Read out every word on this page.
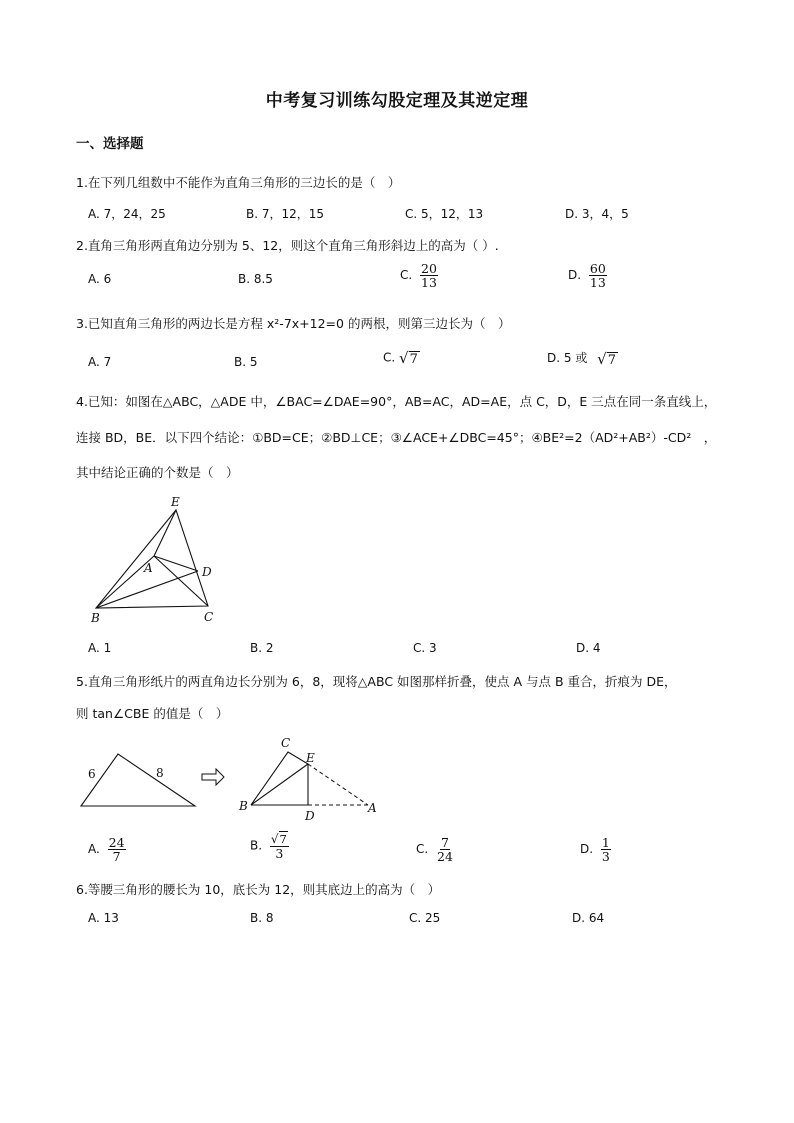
中考复习训练勾股定理及其逆定理
一、选择题
1.在下列几组数中不能作为直角三角形的三边长的是（　）
A. 7，24，25	B. 7，12，15	C. 5，12，13	D. 3，4，5
2.直角三角形两直角边分别为 5、12，则这个直角三角形斜边上的高为（ ）.
A. 6	B. 8.5	C. $\frac{20}{13}$	D. $\frac{60}{13}$
3.已知直角三角形的两边长是方程 x²-7x+12=0 的两根，则第三边长为（　）
A. 7	B. 5	C. √7	D. 5 或 √7
4.已知：如图在△ABC，△ADE 中，∠BAC=∠DAE=90°，AB=AC，AD=AE，点 C，D，E 三点在同一条直线上，
连接 BD，BE．以下四个结论：①BD=CE；②BD⊥CE；③∠ACE+∠DBC=45°；④BE²=2（AD²+AB²）-CD²　，
其中结论正确的个数是（　）
E
A	D
B	C
A. 1	B. 2	C. 3	D. 4
5.直角三角形纸片的两直角边长分别为 6，8，现将△ABC 如图那样折叠，使点 A 与点 B 重合，折痕为 DE，
则 tan∠CBE 的值是（　）
6	8
C
E
B
D
A
A. $\frac{24}{7}$	B. $\frac{√7}{3}$	C. $\frac{7}{24}$	D. $\frac{1}{3}$
6.等腰三角形的腰长为 10，底长为 12，则其底边上的高为（　）
A. 13	B. 8	C. 25	D. 64
